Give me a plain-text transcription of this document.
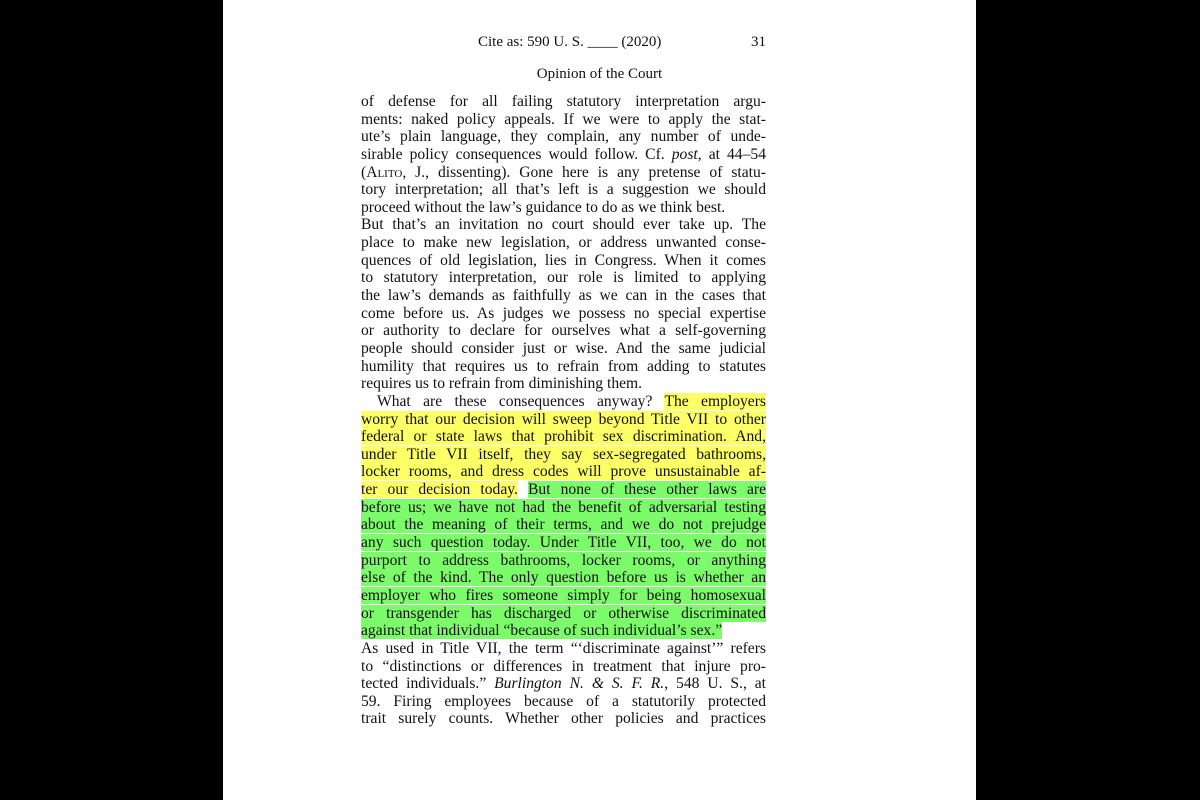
Cite as: 590 U. S. ____ (2020)	31
Opinion of the Court
of defense for all failing statutory interpretation argu-
ments: naked policy appeals. If we were to apply the stat-
ute’s plain language, they complain, any number of unde-
sirable policy consequences would follow. Cf. post, at 44–54
(Alito, J., dissenting). Gone here is any pretense of statu-
tory interpretation; all that’s left is a suggestion we should
proceed without the law’s guidance to do as we think best.
But that’s an invitation no court should ever take up. The
place to make new legislation, or address unwanted conse-
quences of old legislation, lies in Congress. When it comes
to statutory interpretation, our role is limited to applying
the law’s demands as faithfully as we can in the cases that
come before us. As judges we possess no special expertise
or authority to declare for ourselves what a self-governing
people should consider just or wise. And the same judicial
humility that requires us to refrain from adding to statutes
requires us to refrain from diminishing them.
What are these consequences anyway? The employers
worry that our decision will sweep beyond Title VII to other
federal or state laws that prohibit sex discrimination. And,
under Title VII itself, they say sex-segregated bathrooms,
locker rooms, and dress codes will prove unsustainable af-
ter our decision today. But none of these other laws are
before us; we have not had the benefit of adversarial testing
about the meaning of their terms, and we do not prejudge
any such question today. Under Title VII, too, we do not
purport to address bathrooms, locker rooms, or anything
else of the kind. The only question before us is whether an
employer who fires someone simply for being homosexual
or transgender has discharged or otherwise discriminated
against that individual “because of such individual’s sex.”
As used in Title VII, the term “‘discriminate against’” refers
to “distinctions or differences in treatment that injure pro-
tected individuals.” Burlington N. & S. F. R., 548 U. S., at
59. Firing employees because of a statutorily protected
trait surely counts. Whether other policies and practices
